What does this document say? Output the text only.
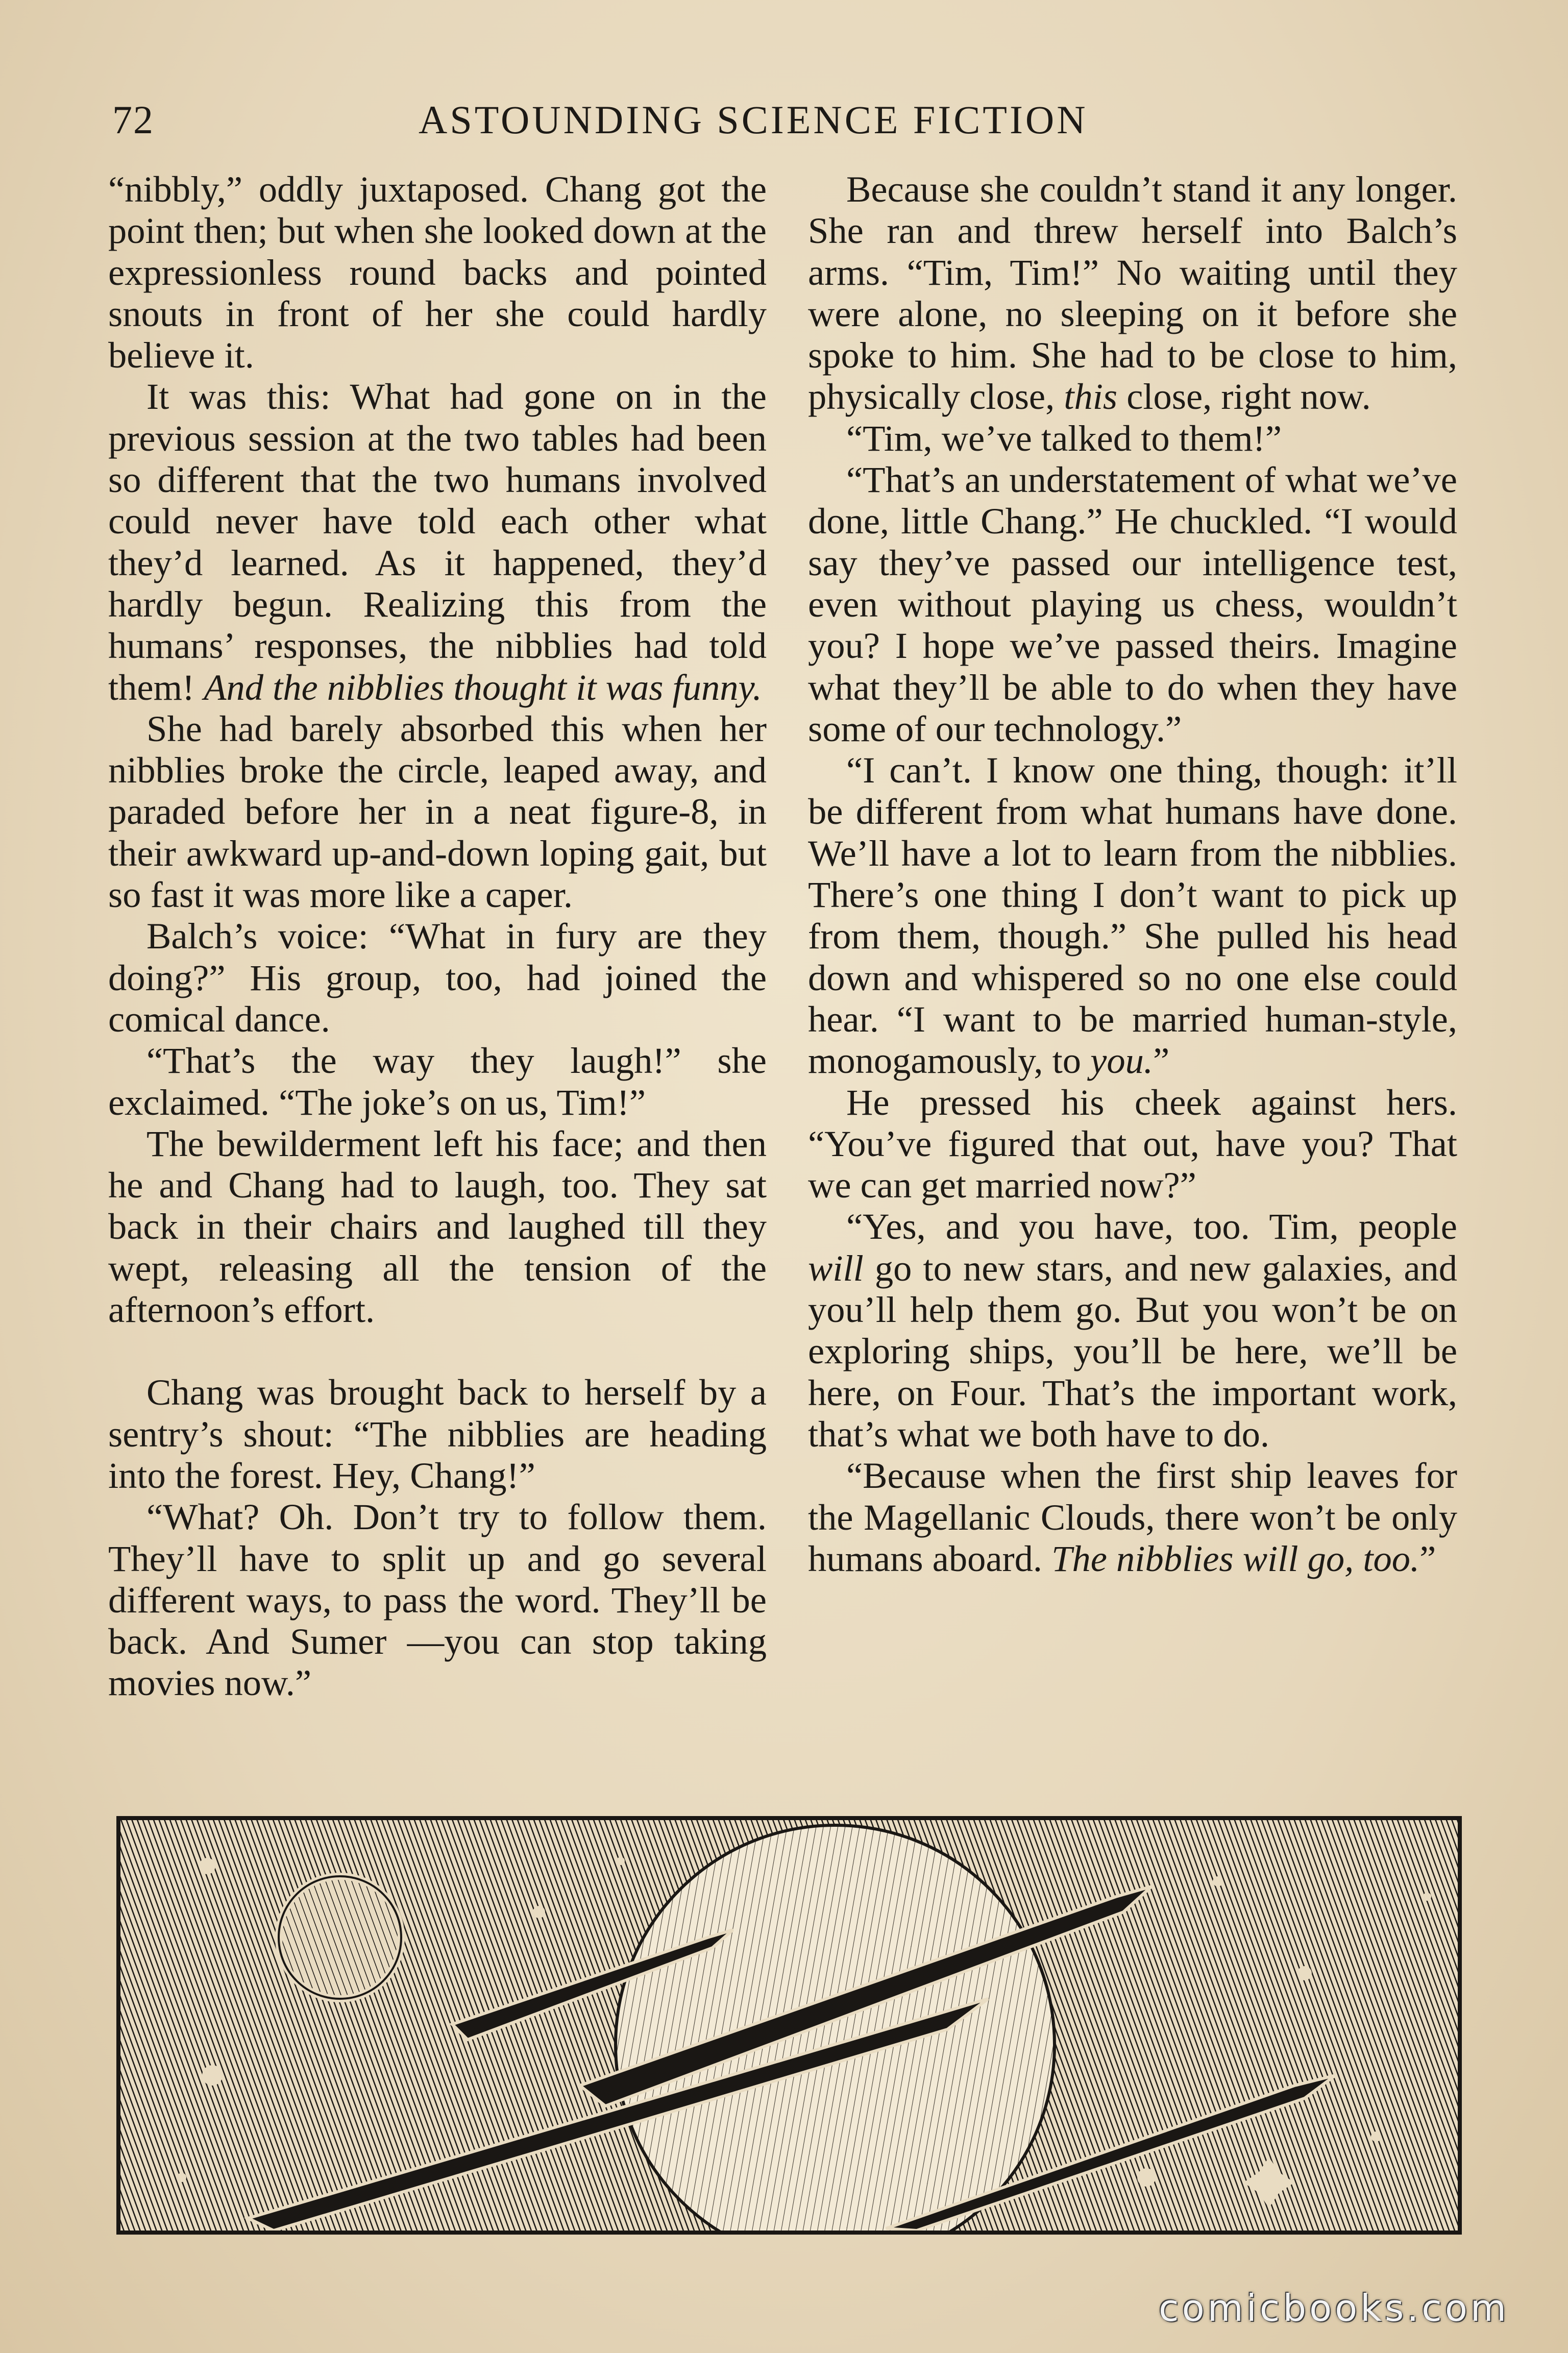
72	ASTOUNDING SCIENCE FICTION

“nibbly,” oddly juxtaposed. Chang got the point then; but when she looked down at the expressionless round backs and pointed snouts in front of her she could hardly believe it.

It was this: What had gone on in the previous session at the two tables had been so different that the two humans involved could never have told each other what they’d learned. As it happened, they’d hardly begun. Realizing this from the humans’ responses, the nibblies had told them! And the nibblies thought it was funny.

She had barely absorbed this when her nibblies broke the circle, leaped away, and paraded before her in a neat figure-8, in their awkward up-and-down loping gait, but so fast it was more like a caper.

Balch’s voice: “What in fury are they doing?” His group, too, had joined the comical dance.

“That’s the way they laugh!” she exclaimed. “The joke’s on us, Tim!”

The bewilderment left his face; and then he and Chang had to laugh, too. They sat back in their chairs and laughed till they wept, releasing all the tension of the afternoon’s effort.

Chang was brought back to herself by a sentry’s shout: “The nibblies are heading into the forest. Hey, Chang!”

“What? Oh. Don’t try to follow them. They’ll have to split up and go several different ways, to pass the word. They’ll be back. And Sumer —you can stop taking movies now.”

Because she couldn’t stand it any longer. She ran and threw herself into Balch’s arms. “Tim, Tim!” No waiting until they were alone, no sleeping on it before she spoke to him. She had to be close to him, physically close, this close, right now.

“Tim, we’ve talked to them!”

“That’s an understatement of what we’ve done, little Chang.” He chuckled. “I would say they’ve passed our intelligence test, even without playing us chess, wouldn’t you? I hope we’ve passed theirs. Imagine what they’ll be able to do when they have some of our technology.”

“I can’t. I know one thing, though: it’ll be different from what humans have done. We’ll have a lot to learn from the nibblies. There’s one thing I don’t want to pick up from them, though.” She pulled his head down and whispered so no one else could hear. “I want to be married human-style, monogamously, to you.”

He pressed his cheek against hers. “You’ve figured that out, have you? That we can get married now?”

“Yes, and you have, too. Tim, people will go to new stars, and new galaxies, and you’ll help them go. But you won’t be on exploring ships, you’ll be here, we’ll be here, on Four. That’s the important work, that’s what we both have to do.

“Because when the first ship leaves for the Magellanic Clouds, there won’t be only humans aboard. The nibblies will go, too.”

comicbooks.com
